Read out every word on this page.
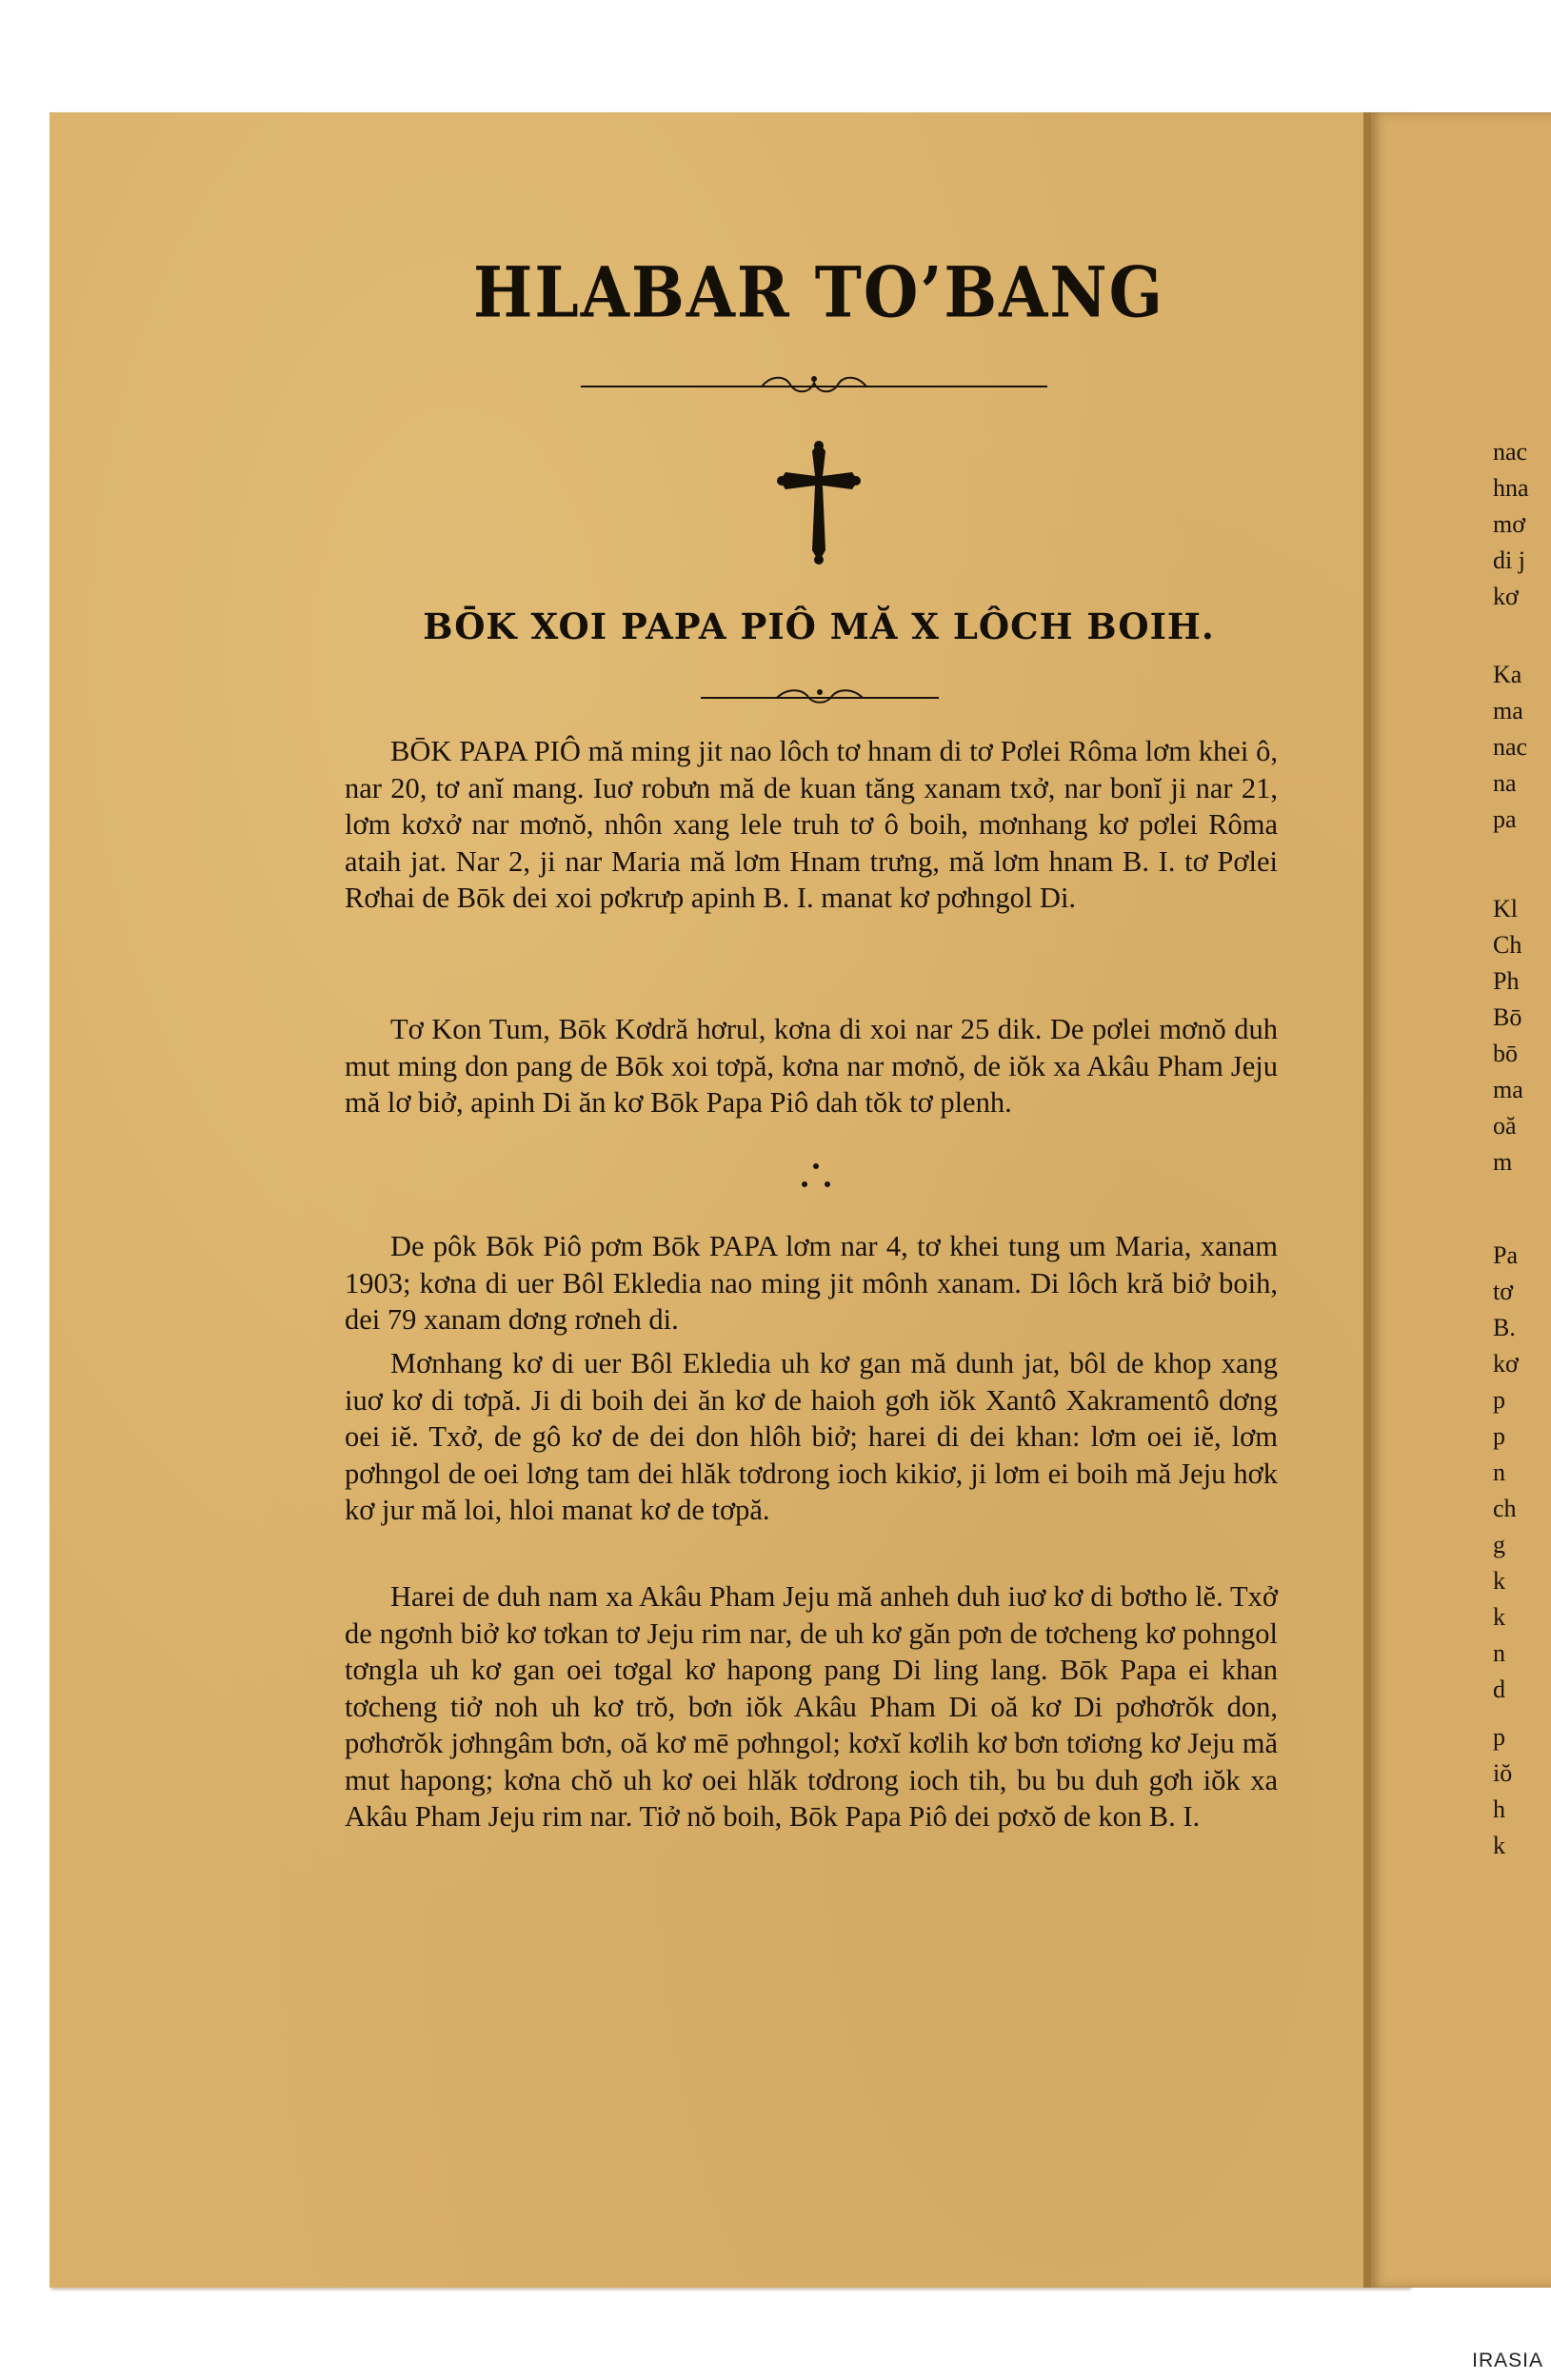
nac
hna
mơ
di j
kơ
Ka
ma
nac
na
pa
Kl
Ch
Ph
Bō
bō
ma
oă
m
Pa
tơ
B.
kơ
p
p
n
ch
g
k
k
n
d
p
iŏ
h
k
HLABAR TO’BANG
BŌK XOI PAPA PIÔ MĂ X LÔCH BOIH.

BŌK PAPA PIÔ mă ming jit nao lôch tơ hnam di tơ Pơlei Rôma lơm khei ô, nar 20, tơ anĭ mang. Iuơ robưn mă de kuan tăng xanam txở, nar bonĭ ji nar 21, lơm kơxở nar mơnŏ, nhôn xang lele truh tơ ô boih, mơnhang kơ pơlei Rôma ataih jat. Nar 2, ji nar Maria mă lơm Hnam trưng, mă lơm hnam B. I. tơ Pơlei Rơhai de Bōk dei xoi pơkrưp apinh B. I. manat kơ pơhngol Di.

Tơ Kon Tum, Bōk Kơdră hơrul, kơna di xoi nar 25 dik. De pơlei mơnŏ duh mut ming don pang de Bōk xoi tơpă, kơna nar mơnŏ, de iŏk xa Akâu Pham Jeju mă lơ biở, apinh Di ăn kơ Bōk Papa Piô dah tŏk tơ plenh.

De pôk Bōk Piô pơm Bōk PAPA lơm nar 4, tơ khei tung um Maria, xanam 1903; kơna di uer Bôl Ekledia nao ming jit mônh xanam. Di lôch kră biở boih, dei 79 xanam dơng rơneh di.

Mơnhang kơ di uer Bôl Ekledia uh kơ gan mă dunh jat, bôl de khop xang iuơ kơ di tơpă. Ji di boih dei ăn kơ de haioh gơh iŏk Xantô Xakramentô dơng oei iĕ. Txở, de gô kơ de dei don hlôh biở; harei di dei khan: lơm oei iĕ, lơm pơhngol de oei lơng tam dei hlăk tơdrong ioch kikiơ, ji lơm ei boih mă Jeju hơk kơ jur mă loi, hloi manat kơ de tơpă.

Harei de duh nam xa Akâu Pham Jeju mă anheh duh iuơ kơ di bơtho lĕ. Txở de ngơnh biở kơ tơkan tơ Jeju rim nar, de uh kơ găn pơn de tơcheng kơ pohngol tơngla uh kơ gan oei tơgal kơ hapong pang Di ling lang. Bōk Papa ei khan tơcheng tiở noh uh kơ trŏ, bơn iŏk Akâu Pham Di oă kơ Di pơhơrŏk don, pơhơrŏk jơhngâm bơn, oă kơ mē pơhngol; kơxĭ kơlih kơ bơn tơiơng kơ Jeju mă mut hapong; kơna chŏ uh kơ oei hlăk tơdrong ioch tih, bu bu duh gơh iŏk xa Akâu Pham Jeju rim nar. Tiở nŏ boih, Bōk Papa Piô dei pơxŏ de kon B. I.

IRASIA
